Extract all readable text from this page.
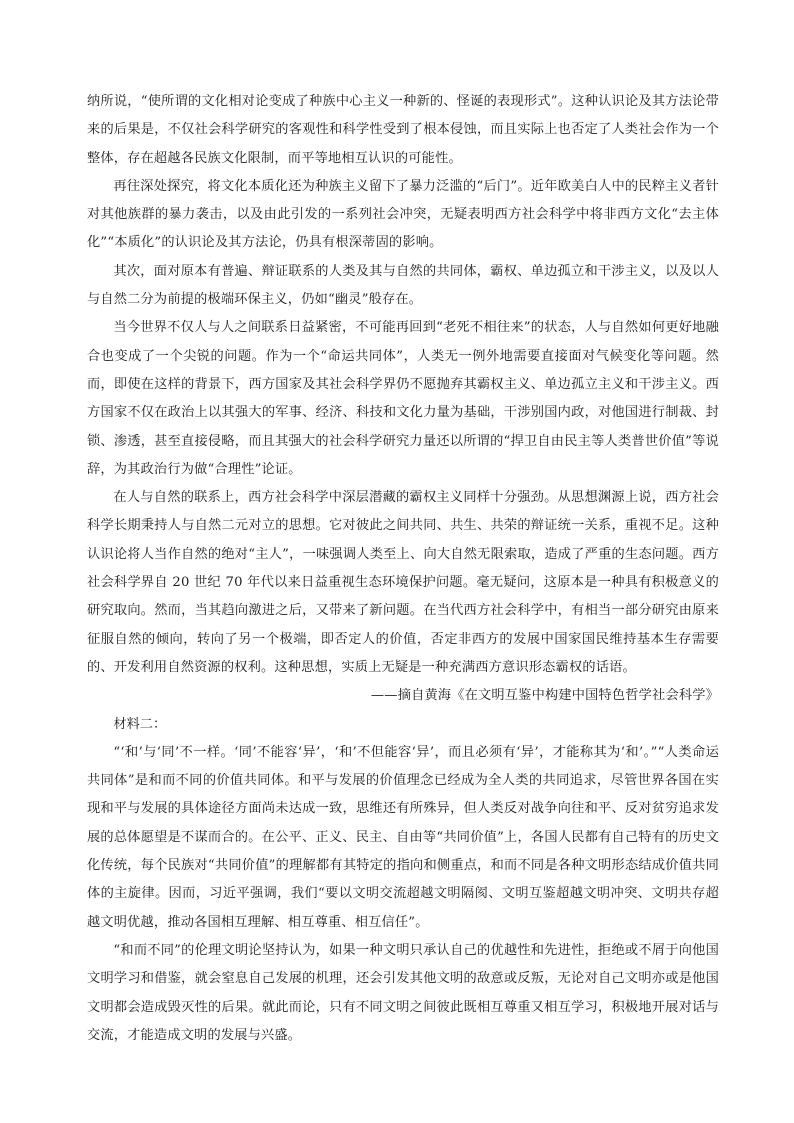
纳所说，“使所谓的文化相对论变成了种族中心主义一种新的、怪诞的表现形式”。这种认识论及其方法论带来的后果是，不仅社会科学研究的客观性和科学性受到了根本侵蚀，而且实际上也否定了人类社会作为一个整体，存在超越各民族文化限制，而平等地相互认识的可能性。

再往深处探究，将文化本质化还为种族主义留下了暴力泛滥的“后门”。近年欧美白人中的民粹主义者针对其他族群的暴力袭击，以及由此引发的一系列社会冲突，无疑表明西方社会科学中将非西方文化“去主体化”“本质化”的认识论及其方法论，仍具有根深蒂固的影响。

其次，面对原本有普遍、辩证联系的人类及其与自然的共同体，霸权、单边孤立和干涉主义，以及以人与自然二分为前提的极端环保主义，仍如“幽灵”般存在。

当今世界不仅人与人之间联系日益紧密，不可能再回到“老死不相往来”的状态，人与自然如何更好地融合也变成了一个尖锐的问题。作为一个“命运共同体”，人类无一例外地需要直接面对气候变化等问题。然而，即使在这样的背景下，西方国家及其社会科学界仍不愿抛弃其霸权主义、单边孤立主义和干涉主义。西方国家不仅在政治上以其强大的军事、经济、科技和文化力量为基础，干涉别国内政，对他国进行制裁、封锁、渗透，甚至直接侵略，而且其强大的社会科学研究力量还以所谓的“捍卫自由民主等人类普世价值”等说辞，为其政治行为做“合理性”论证。

在人与自然的联系上，西方社会科学中深层潜藏的霸权主义同样十分强劲。从思想渊源上说，西方社会科学长期秉持人与自然二元对立的思想。它对彼此之间共同、共生、共荣的辩证统一关系，重视不足。这种认识论将人当作自然的绝对“主人”，一味强调人类至上、向大自然无限索取，造成了严重的生态问题。西方社会科学界自 20 世纪 70 年代以来日益重视生态环境保护问题。毫无疑问，这原本是一种具有积极意义的研究取向。然而，当其趋向激进之后，又带来了新问题。在当代西方社会科学中，有相当一部分研究由原来征服自然的倾向，转向了另一个极端，即否定人的价值，否定非西方的发展中国家国民维持基本生存需要的、开发利用自然资源的权利。这种思想，实质上无疑是一种充满西方意识形态霸权的话语。

——摘自黄海《在文明互鉴中构建中国特色哲学社会科学》

材料二：

“‘和’与‘同’不一样。‘同’不能容‘异’，‘和’不但能容‘异’，而且必须有‘异’，才能称其为‘和’。”“人类命运共同体”是和而不同的价值共同体。和平与发展的价值理念已经成为全人类的共同追求，尽管世界各国在实现和平与发展的具体途径方面尚未达成一致，思维还有所殊异，但人类反对战争向往和平、反对贫穷追求发展的总体愿望是不谋而合的。在公平、正义、民主、自由等“共同价值”上，各国人民都有自己特有的历史文化传统，每个民族对“共同价值”的理解都有其特定的指向和侧重点，和而不同是各种文明形态结成价值共同体的主旋律。因而，习近平强调，我们“要以文明交流超越文明隔阂、文明互鉴超越文明冲突、文明共存超越文明优越，推动各国相互理解、相互尊重、相互信任”。

“和而不同”的伦理文明论坚持认为，如果一种文明只承认自己的优越性和先进性，拒绝或不屑于向他国文明学习和借鉴，就会窒息自己发展的机理，还会引发其他文明的敌意或反叛，无论对自己文明亦或是他国文明都会造成毁灭性的后果。就此而论，只有不同文明之间彼此既相互尊重又相互学习，积极地开展对话与交流，才能造成文明的发展与兴盛。
